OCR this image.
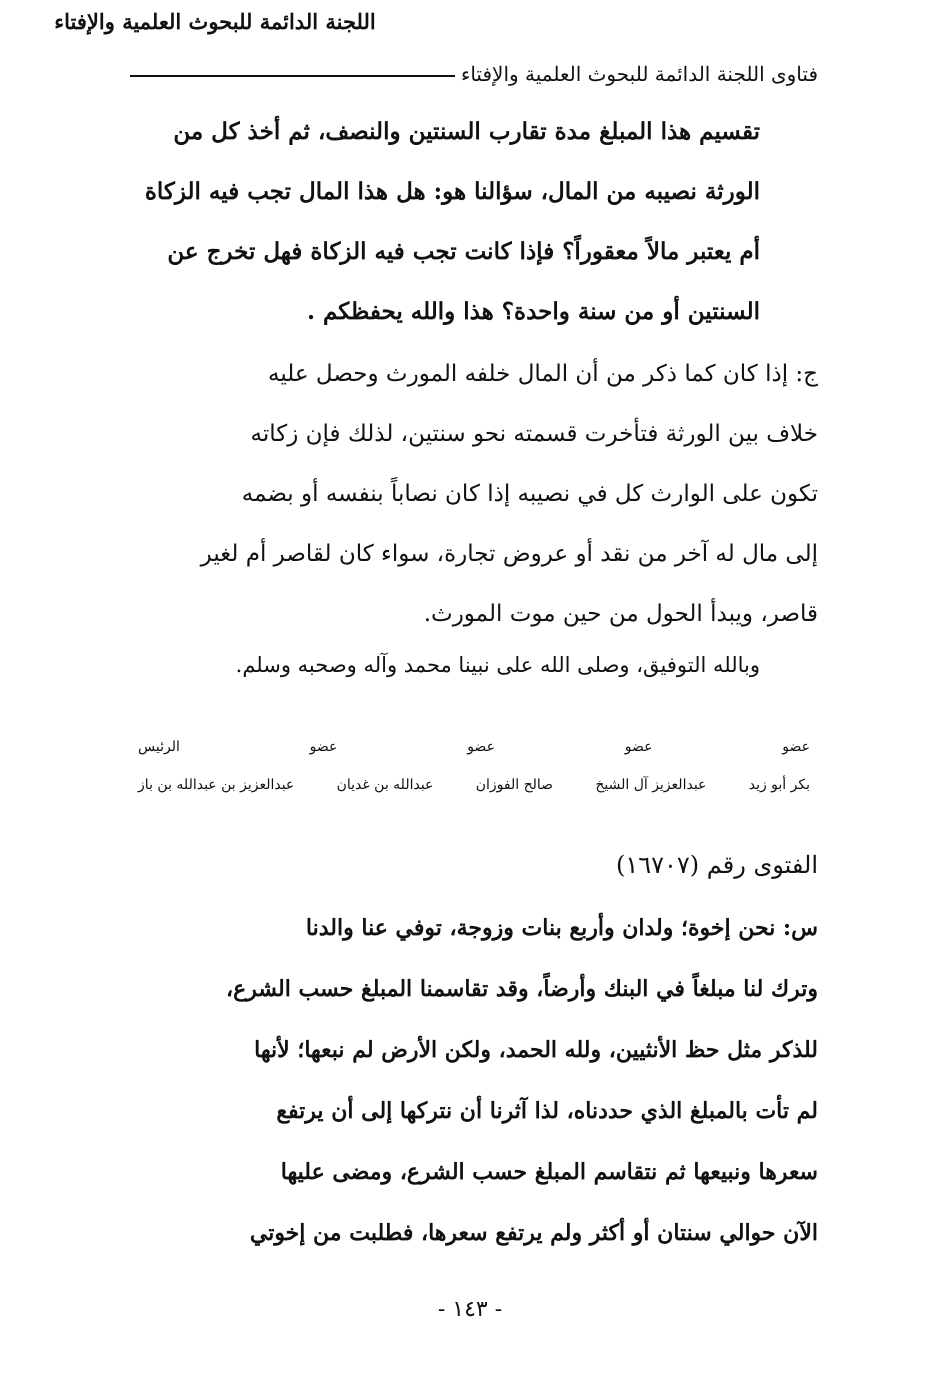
فتاوى اللجنة الدائمة للبحوث العلمية والإفتاء
تقسيم هذا المبلغ مدة تقارب السنتين والنصف، ثم أخذ كل من
الورثة نصيبه من المال، سؤالنا هو: هل هذا المال تجب فيه الزكاة
أم يعتبر مالاً معقوراً؟ فإذا كانت تجب فيه الزكاة فهل تخرج عن
السنتين أو من سنة واحدة؟ هذا والله يحفظكم .
ج: إذا كان كما ذكر من أن المال خلفه المورث وحصل عليه
خلاف بين الورثة فتأخرت قسمته نحو سنتين، لذلك فإن زكاته
تكون على الوارث كل في نصيبه إذا كان نصاباً بنفسه أو بضمه
إلى مال له آخر من نقد أو عروض تجارة، سواء كان لقاصر أم لغير
قاصر، ويبدأ الحول من حين موت المورث.
وبالله التوفيق، وصلى الله على نبينا محمد وآله وصحبه وسلم.
اللجنة الدائمة للبحوث العلمية والإفتاء
عضو
عضو
عضو
عضو
الرئيس
بكر أبو زيد
عبدالعزيز آل الشيخ
صالح الفوزان
عبدالله بن غديان
عبدالعزيز بن عبدالله بن باز
الفتوى رقم (١٦٧٠٧)
س: نحن إخوة؛ ولدان وأربع بنات وزوجة، توفي عنا والدنا
وترك لنا مبلغاً في البنك وأرضاً، وقد تقاسمنا المبلغ حسب الشرع،
للذكر مثل حظ الأنثيين، ولله الحمد، ولكن الأرض لم نبعها؛ لأنها
لم تأت بالمبلغ الذي حددناه، لذا آثرنا أن نتركها إلى أن يرتفع
سعرها ونبيعها ثم نتقاسم المبلغ حسب الشرع، ومضى عليها
الآن حوالي سنتان أو أكثر ولم يرتفع سعرها، فطلبت من إخوتي
- ١٤٣ -
